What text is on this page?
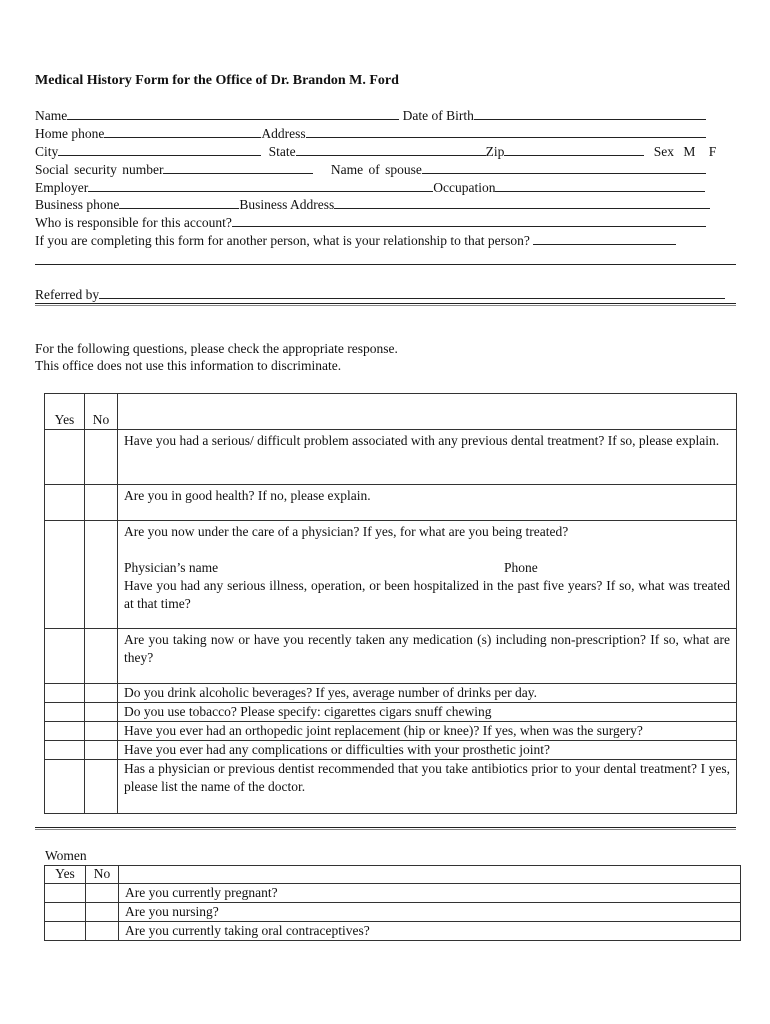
Medical History Form for the Office of Dr. Brandon M. Ford
Name	Date of Birth
Home phone	Address
City	State	Zip	Sex M F
Social security number	Name of spouse
Employer	Occupation
Business phone	Business Address
Who is responsible for this account?
If you are completing this form for another person, what is your relationship to that person?
Referred by
For the following questions, please check the appropriate response.
This office does not use this information to discriminate.
Yes	No	
		Have you had a serious/ difficult problem associated with any previous dental treatment? If so, please explain.
		Are you in good health? If no, please explain.

		Are you now under the care of a physician? If yes, for what are you being treated?
Physician’s name Phone
Have you had any serious illness, operation, or been hospitalized in the past five years? If so, what was treated at that time?

		Are you taking now or have you recently taken any medication (s) including non-prescription? If so, what are they?
		Do you drink alcoholic beverages? If yes, average number of drinks per day.
		Do you use tobacco? Please specify: cigarettes cigars snuff chewing
		Have you ever had an orthopedic joint replacement (hip or knee)? If yes, when was the surgery?
		Have you ever had any complications or difficulties with your prosthetic joint?
		Has a physician or previous dentist recommended that you take antibiotics prior to your dental treatment? I yes, please list the name of the doctor.
Women
Yes	No	
		Are you currently pregnant?
		Are you nursing?
		Are you currently taking oral contraceptives?
